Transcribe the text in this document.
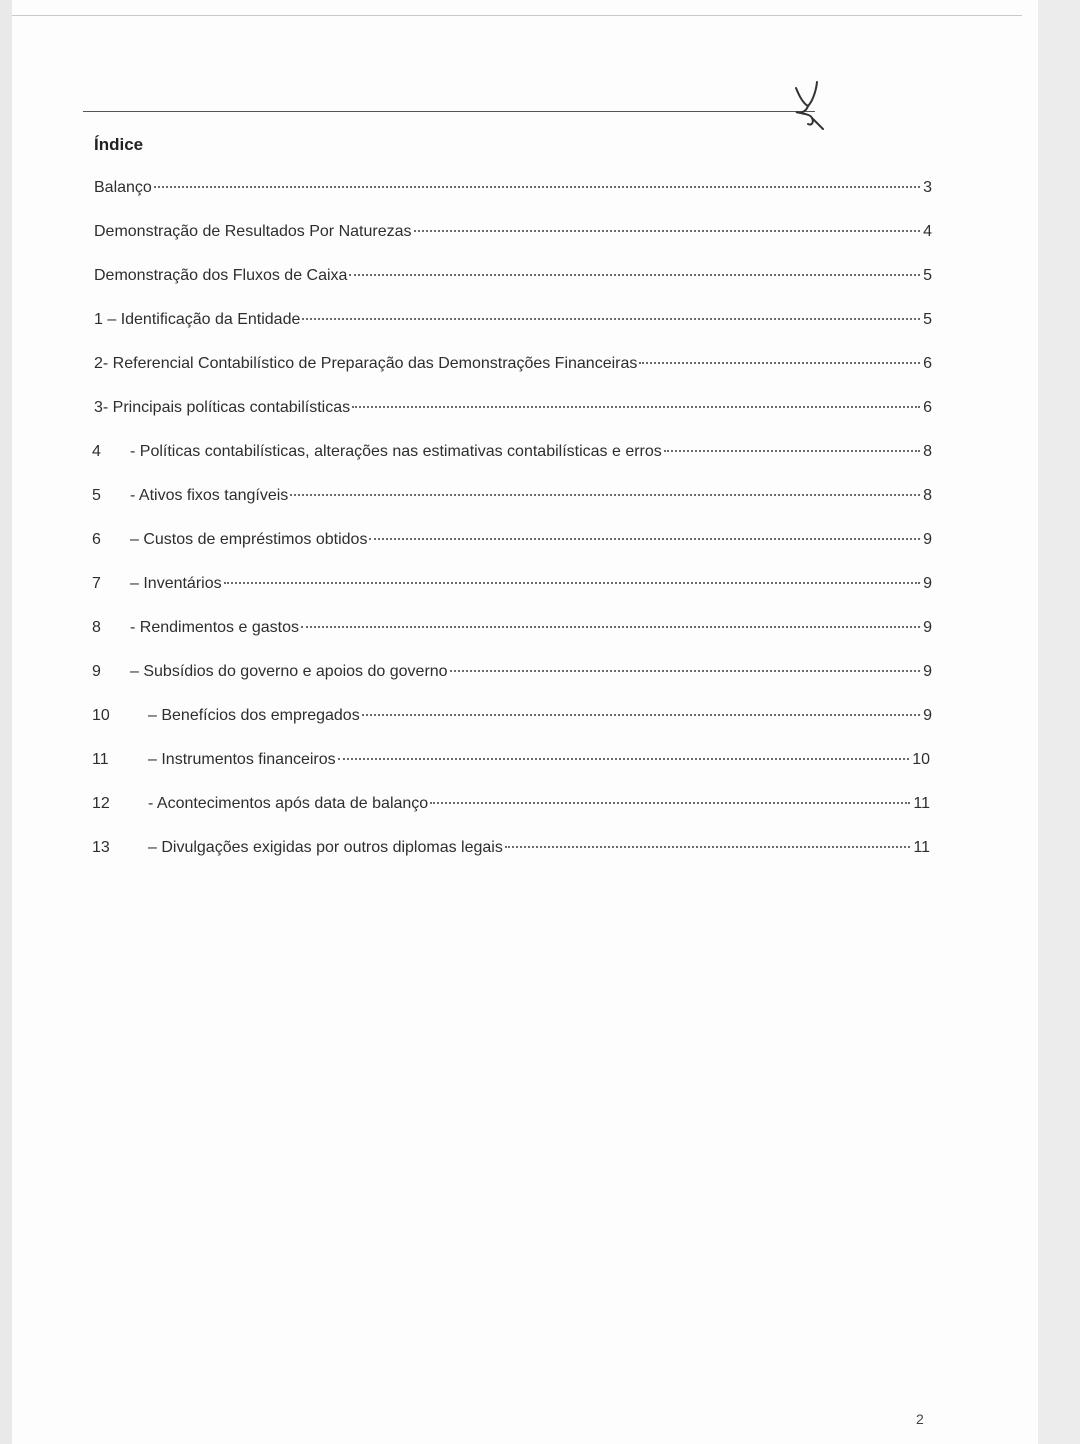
Índice
Balanço	3
Demonstração de Resultados Por Naturezas	4
Demonstração dos Fluxos de Caixa	5
1 – Identificação da Entidade	5
2- Referencial Contabilístico de Preparação das Demonstrações Financeiras	6
3- Principais políticas contabilísticas	6
4	- Políticas contabilísticas, alterações nas estimativas contabilísticas e erros	8
5	- Ativos fixos tangíveis	8
6	– Custos de empréstimos obtidos	9
7	– Inventários	9
8	- Rendimentos e gastos	9
9	– Subsídios do governo e apoios do governo	9
10	– Benefícios dos empregados	9
11	– Instrumentos financeiros	10
12	- Acontecimentos após data de balanço	11
13	– Divulgações exigidas por outros diplomas legais	11
2
